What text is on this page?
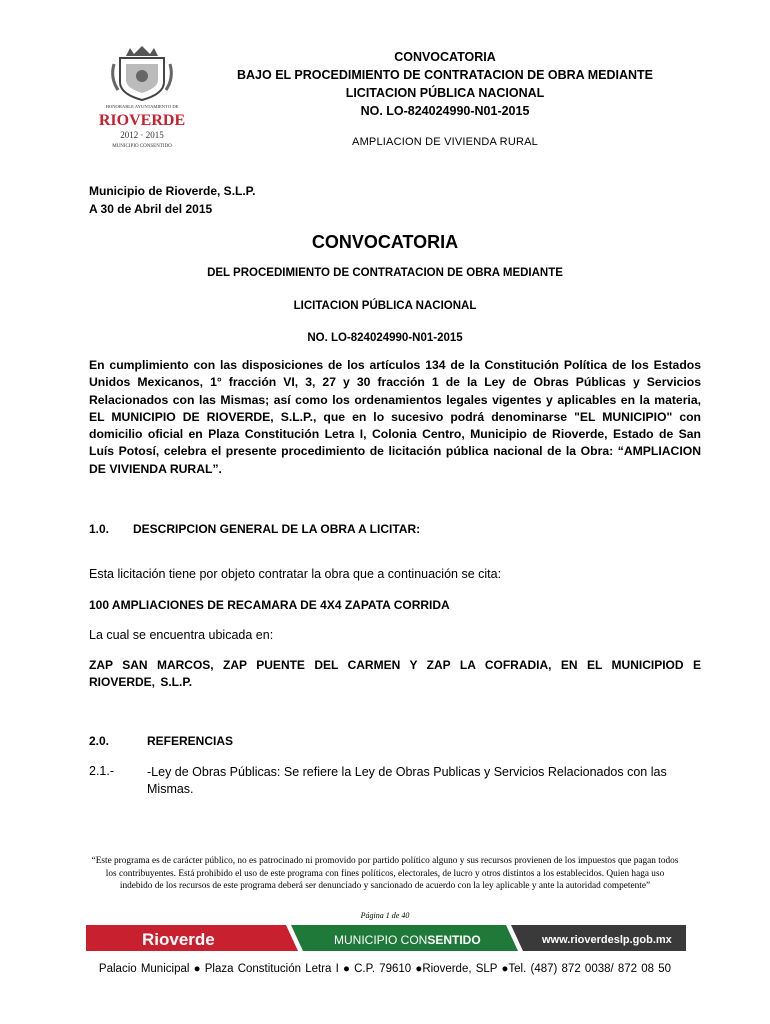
HONORABLE AYUNTAMIENTO DE
RIOVERDE
2012 · 2015
MUNICIPIO CONSENTIDO
CONVOCATORIA
BAJO EL PROCEDIMIENTO DE CONTRATACION DE OBRA MEDIANTE
LICITACION PÚBLICA NACIONAL
NO. LO-824024990-N01-2015
AMPLIACION DE VIVIENDA RURAL
Municipio de Rioverde, S.L.P.
A 30 de Abril del 2015
CONVOCATORIA
DEL PROCEDIMIENTO DE CONTRATACION DE OBRA MEDIANTE
LICITACION PÚBLICA NACIONAL
NO. LO-824024990-N01-2015
En cumplimiento con las disposiciones de los artículos 134 de la Constitución Política de los Estados Unidos Mexicanos, 1° fracción VI, 3, 27 y 30 fracción 1 de la Ley de Obras Públicas y Servicios Relacionados con las Mismas; así como los ordenamientos legales vigentes y aplicables en la materia, EL MUNICIPIO DE RIOVERDE, S.L.P., que en lo sucesivo podrá denominarse "EL MUNICIPIO" con domicilio oficial en Plaza Constitución Letra I, Colonia Centro, Municipio de Rioverde, Estado de San Luís Potosí, celebra el presente procedimiento de licitación pública nacional de la Obra: “AMPLIACION DE VIVIENDA RURAL”.
1.0. DESCRIPCION GENERAL DE LA OBRA A LICITAR:
Esta licitación tiene por objeto contratar la obra que a continuación se cita:
100 AMPLIACIONES DE RECAMARA DE 4X4 ZAPATA CORRIDA
La cual se encuentra ubicada en:
ZAP SAN MARCOS, ZAP PUENTE DEL CARMEN Y ZAP LA COFRADIA, EN EL MUNICIPIOD E RIOVERDE, S.L.P.
2.0.	REFERENCIAS
2.1.-	-Ley de Obras Públicas: Se refiere la Ley de Obras Publicas y Servicios Relacionados con las Mismas.
“Este programa es de carácter público, no es patrocinado ni promovido por partido político alguno y sus recursos provienen de los impuestos que pagan todos los contribuyentes. Está prohibido el uso de este programa con fines políticos, electorales, de lucro y otros distintos a los establecidos. Quien haga uso indebido de los recursos de este programa deberá ser denunciado y sancionado de acuerdo con la ley aplicable y ante la autoridad competente”
Página 1 de 40
Rioverde	MUNICIPIO CONSENTIDO	www.rioverdeslp.gob.mx
Palacio Municipal ● Plaza Constitución Letra I ● C.P. 79610 ●Rioverde, SLP ●Tel. (487) 872 0038/ 872 08 50
